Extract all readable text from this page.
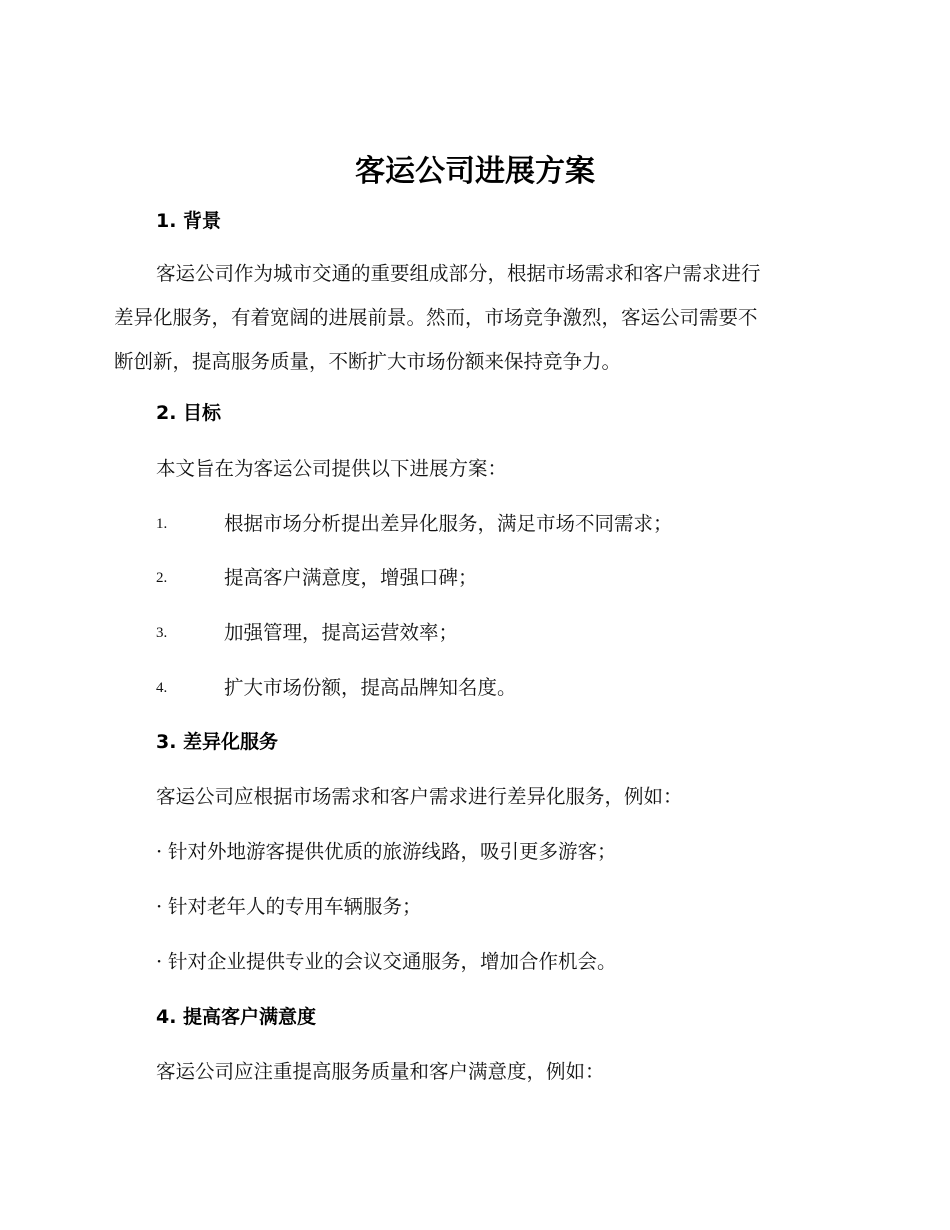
客运公司进展方案
1. 背景

客运公司作为城市交通的重要组成部分，根据市场需求和客户需求进行
差异化服务，有着宽阔的进展前景。然而，市场竞争激烈，客运公司需要不
断创新，提高服务质量，不断扩大市场份额来保持竞争力。

2. 目标

本文旨在为客运公司提供以下进展方案：

1.	根据市场分析提出差异化服务，满足市场不同需求；
2.	提高客户满意度，增强口碑；
3.	加强管理，提高运营效率；
4.	扩大市场份额，提高品牌知名度。
3. 差异化服务

客运公司应根据市场需求和客户需求进行差异化服务，例如：

· 针对外地游客提供优质的旅游线路，吸引更多游客；
· 针对老年人的专用车辆服务；
· 针对企业提供专业的会议交通服务，增加合作机会。
4. 提高客户满意度

客运公司应注重提高服务质量和客户满意度，例如：
